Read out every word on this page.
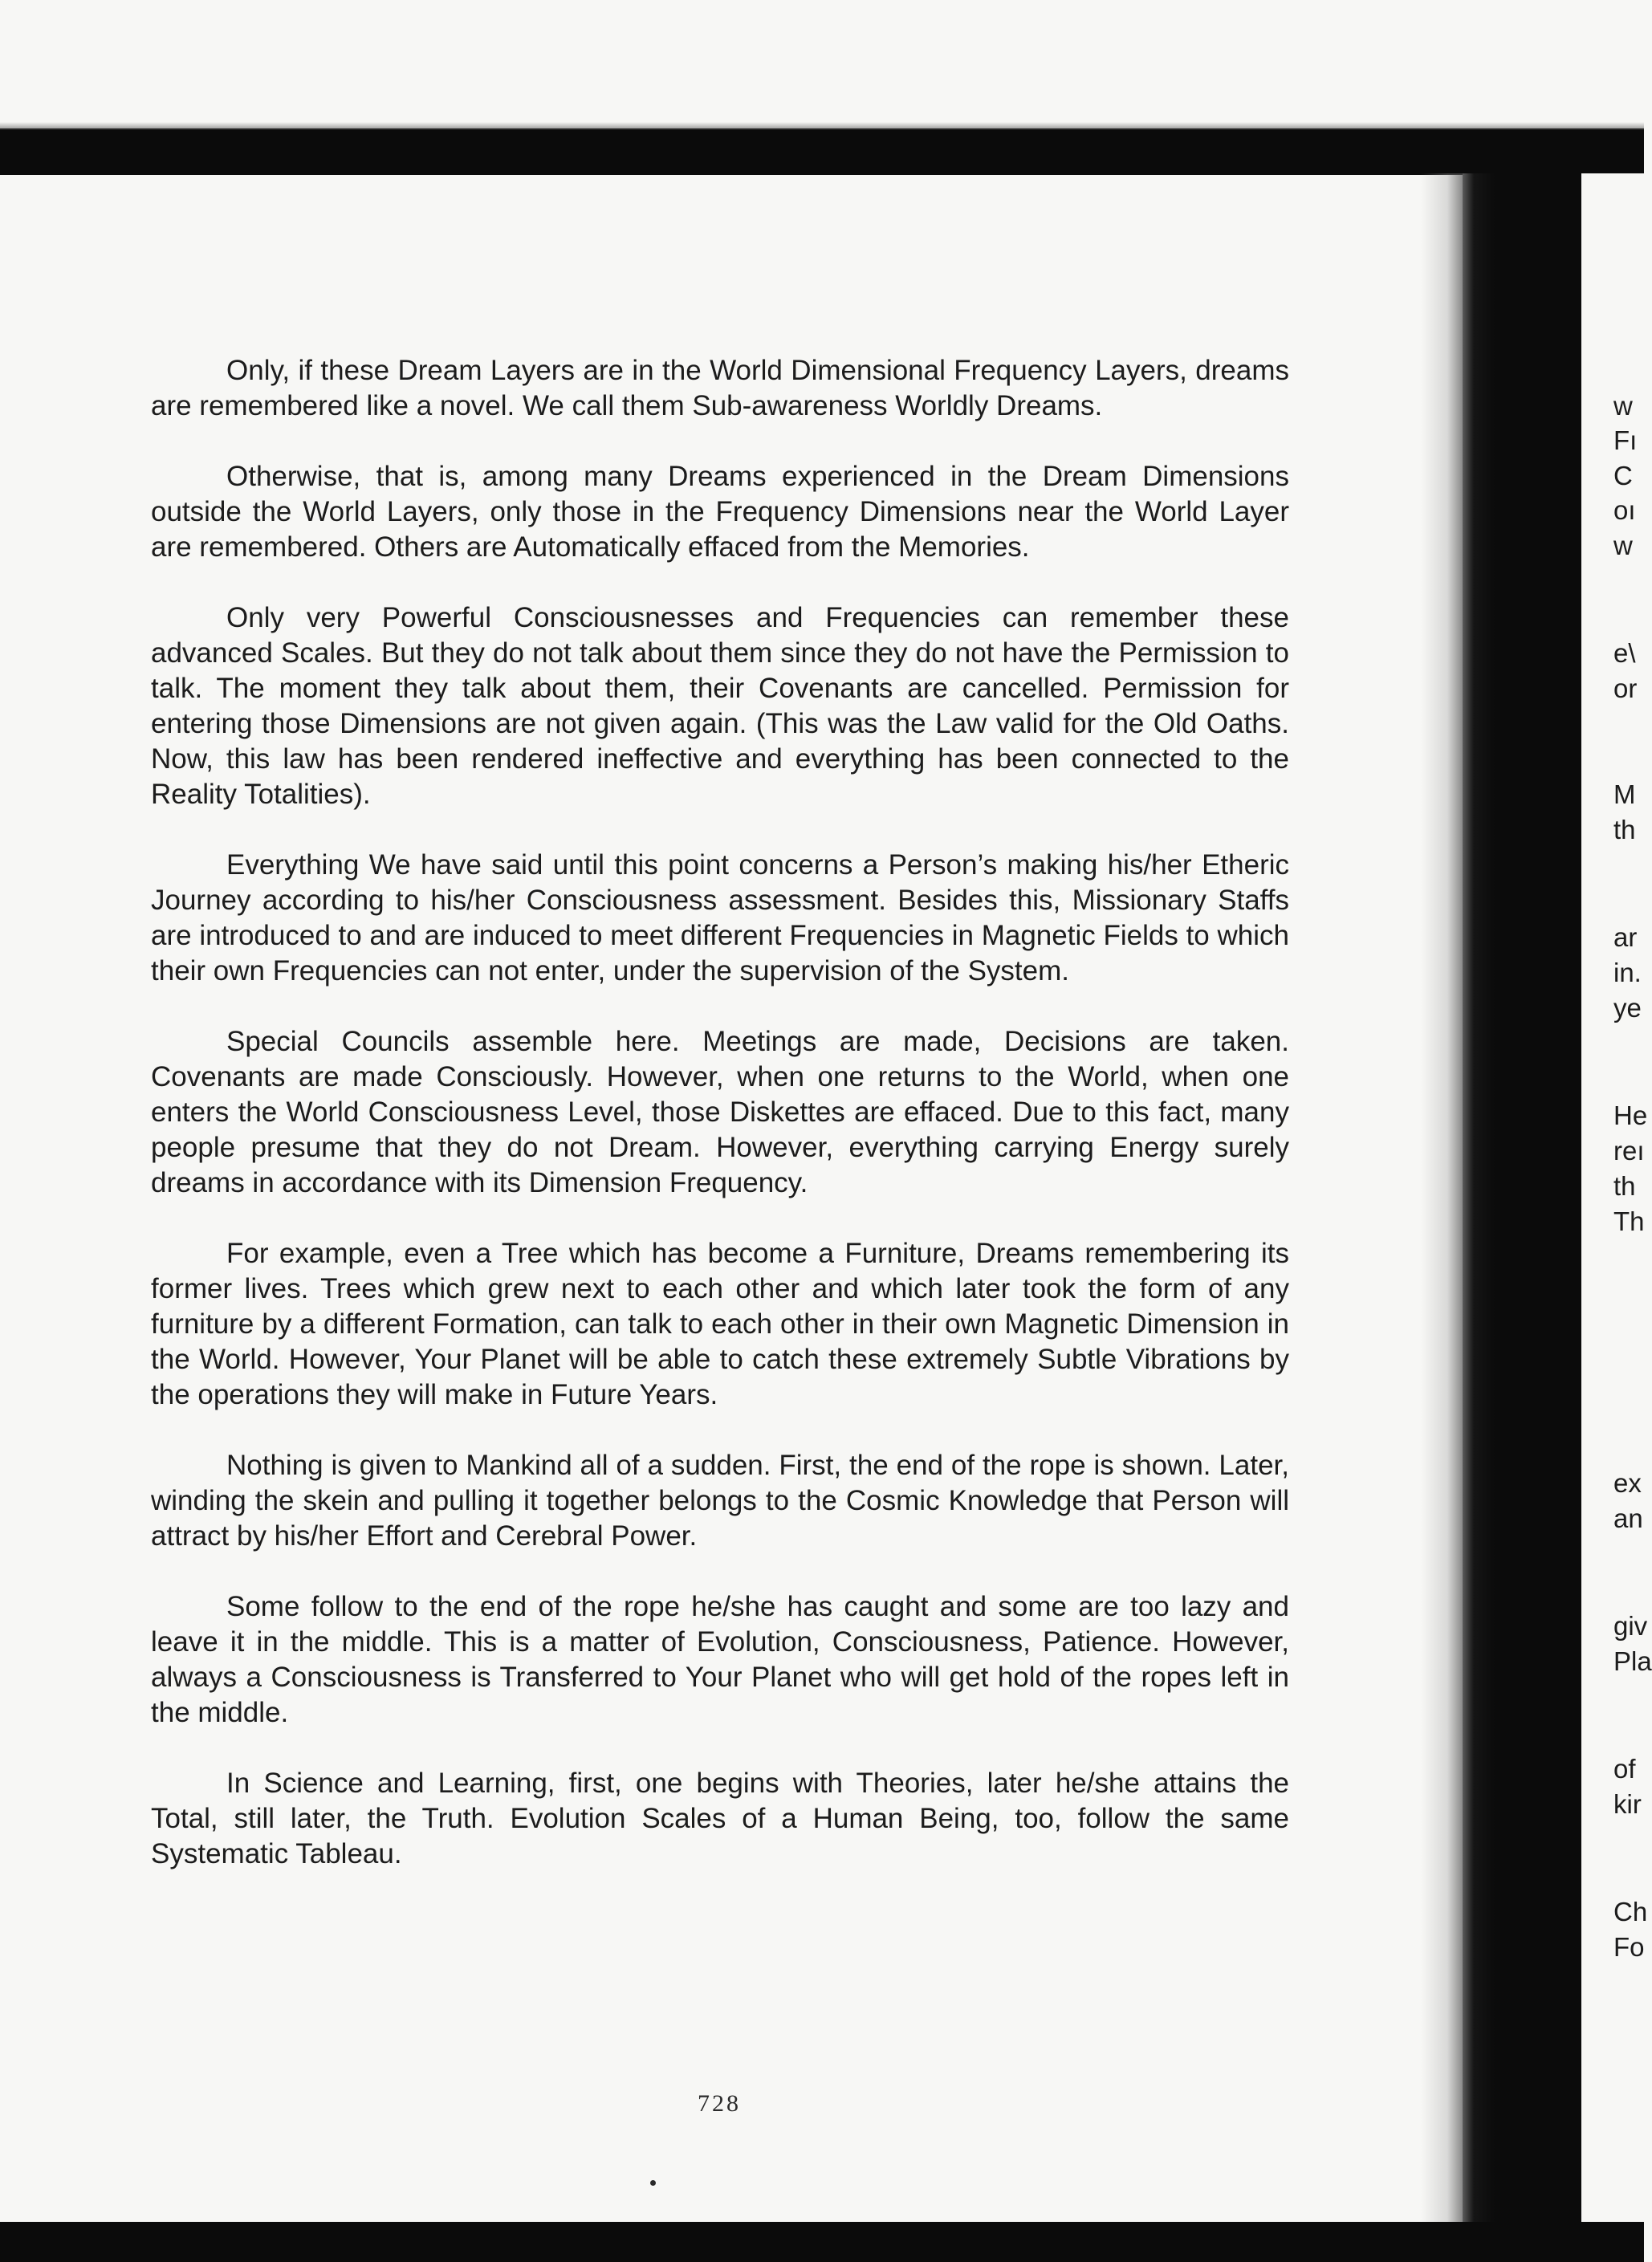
Only, if these Dream Layers are in the World Dimensional Frequency Layers, dreams are remembered like a novel. We call them Sub-awareness Worldly Dreams.

Otherwise, that is, among many Dreams experienced in the Dream Dimensions outside the World Layers, only those in the Frequency Dimensions near the World Layer are remembered. Others are Automatically effaced from the Memories.

Only very Powerful Consciousnesses and Frequencies can remember these advanced Scales. But they do not talk about them since they do not have the Permission to talk. The moment they talk about them, their Covenants are cancelled. Permission for entering those Dimensions are not given again. (This was the Law valid for the Old Oaths. Now, this law has been rendered ineffective and everything has been connected to the Reality Totalities).

Everything We have said until this point concerns a Person’s making his/her Etheric Journey according to his/her Consciousness assessment. Besides this, Missionary Staffs are introduced to and are induced to meet different Frequencies in Magnetic Fields to which their own Frequencies can not enter, under the supervision of the System.

Special Councils assemble here. Meetings are made, Decisions are taken. Covenants are made Consciously. However, when one returns to the World, when one enters the World Consciousness Level, those Diskettes are effaced. Due to this fact, many people presume that they do not Dream. However, everything carrying Energy surely dreams in accordance with its Dimension Frequency.

For example, even a Tree which has become a Furniture, Dreams remembering its former lives. Trees which grew next to each other and which later took the form of any furniture by a different Formation, can talk to each other in their own Magnetic Dimension in the World. However, Your Planet will be able to catch these extremely Subtle Vibrations by the operations they will make in Future Years.

Nothing is given to Mankind all of a sudden. First, the end of the rope is shown. Later, winding the skein and pulling it together belongs to the Cosmic Knowledge that Person will attract by his/her Effort and Cerebral Power.

Some follow to the end of the rope he/she has caught and some are too lazy and leave it in the middle. This is a matter of Evolution, Consciousness, Patience. However, always a Consciousness is Transferred to Your Planet who will get hold of the ropes left in the middle.

In Science and Learning, first, one begins with Theories, later he/she attains the Total, still later, the Truth. Evolution Scales of a Human Being, too, follow the same Systematic Tableau.

728
w
Fı
C
oı
w
e\
or
M
th
ar
in.
ye
He
reı
th
Th
ex
an
giv
Pla
of
kir
Ch
Fo
